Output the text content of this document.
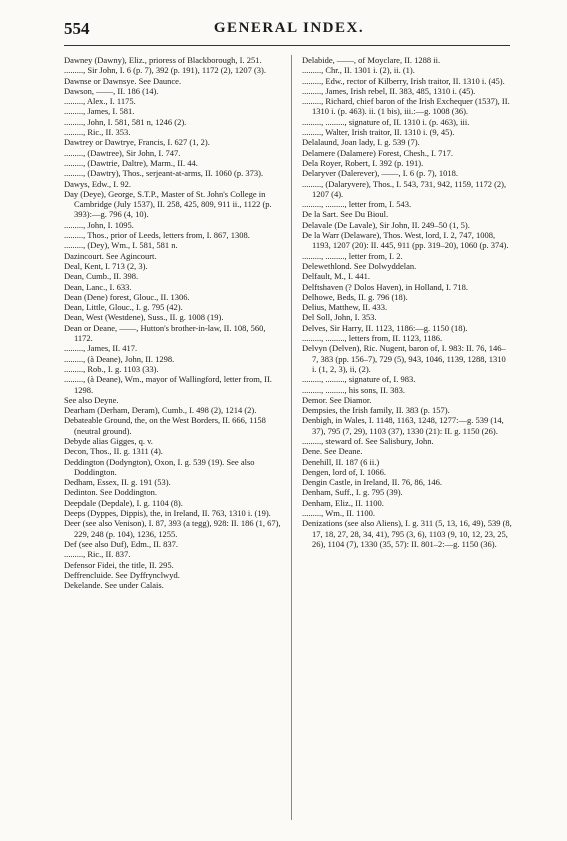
554	GENERAL INDEX.

Dawney (Dawny), Eliz., prioress of Blackborough, I. 251.

........., Sir John, I. 6 (p. 7), 392 (p. 191), 1172 (2), 1207 (3).

Dawnse or Dawnsye. See Daunce.

Dawson, ——, II. 186 (14).

........., Alex., I. 1175.

........., James, I. 581.

........., John, I. 581, 581 n, 1246 (2).

........., Ric., II. 353.

Dawtrey or Dawtrye, Francis, I. 627 (1, 2).

........., (Dawtree), Sir John, I. 747.

........., (Dawtrie, Daltre), Marm., II. 44.

........., (Dawtry), Thos., serjeant-at-arms, II. 1060 (p. 373).

Dawys, Edw., I. 92.

Day (Deye), George, S.T.P., Master of St. John's College in Cambridge (July 1537), II. 258, 425, 809, 911 ii., 1122 (p. 393):—g. 796 (4, 10).

........., John, I. 1095.

........., Thos., prior of Leeds, letters from, I. 867, 1308.

........., (Dey), Wm., I. 581, 581 n.

Dazincourt. See Agincourt.

Deal, Kent, I. 713 (2, 3).

Dean, Cumb., II. 398.

Dean, Lanc., I. 633.

Dean (Dene) forest, Glouc., II. 1306.

Dean, Little, Glouc., I. g. 795 (42).

Dean, West (Westdene), Suss., II. g. 1008 (19).

Dean or Deane, ——, Hutton's brother-in-law, II. 108, 560, 1172.

........., James, II. 417.

........., (à Deane), John, II. 1298.

........., Rob., I. g. 1103 (33).

........., (à Deane), Wm., mayor of Wallingford, letter from, II. 1298.

See also Deyne.

Dearham (Derham, Deram), Cumb., I. 498 (2), 1214 (2).

Debateable Ground, the, on the West Borders, II. 666, 1158 (neutral ground).

Debyde alias Gigges, q. v.

Decon, Thos., II. g. 1311 (4).

Deddington (Dodyngton), Oxon, I. g. 539 (19). See also Doddington.

Dedham, Essex, II. g. 191 (53).

Dedinton. See Doddington.

Deepdale (Depdale), I. g. 1104 (8).

Deeps (Dyppes, Dippis), the, in Ireland, II. 763, 1310 i. (19).

Deer (see also Venison), I. 87, 393 (a tegg), 928: II. 186 (1, 67), 229, 248 (p. 104), 1236, 1255.

Def (see also Duf), Edm., II. 837.

........., Ric., II. 837.

Defensor Fidei, the title, II. 295.

Deffrencluide. See Dyffrynclwyd.

Dekelande. See under Calais.

Delabide, ——, of Moyclare, II. 1288 ii.

........., Chr., II. 1301 i. (2), ii. (1).

........., Edw., rector of Kilberry, Irish traitor, II. 1310 i. (45).

........., James, Irish rebel, II. 383, 485, 1310 i. (45).

........., Richard, chief baron of the Irish Exchequer (1537), II. 1310 i. (p. 463). ii. (1 bis), iii.:—g. 1008 (36).

........., ........., signature of, II. 1310 i. (p. 463), iii.

........., Walter, Irish traitor, II. 1310 i. (9, 45).

Delalaund, Joan lady, I. g. 539 (7).

Delamere (Dalamere) Forest, Chesh., I. 717.

Dela Royer, Robert, I. 392 (p. 191).

Delaryver (Dalerever), ——, I. 6 (p. 7), 1018.

........., (Dalaryvere), Thos., I. 543, 731, 942, 1159, 1172 (2), 1207 (4).

........., ........., letter from, I. 543.

De la Sart. See Du Bioul.

Delavale (De Lavale), Sir John, II. 249–50 (1, 5).

De la Warr (Delaware), Thos. West, lord, I. 2, 747, 1008, 1193, 1207 (20): II. 445, 911 (pp. 319–20), 1060 (p. 374).

........., ........., letter from, I. 2.

Delewethlond. See Dolwyddelan.

Delfault, M., I. 441.

Delftshaven (? Dolos Haven), in Holland, I. 718.

Delhowe, Beds, II. g. 796 (18).

Delius, Matthew, II. 433.

Del Soll, John, I. 353.

Delves, Sir Harry, II. 1123, 1186:—g. 1150 (18).

........., ........., letters from, II. 1123, 1186.

Delvyn (Delven), Ric. Nugent, baron of, I. 983: II. 76, 146–7, 383 (pp. 156–7), 729 (5), 943, 1046, 1139, 1288, 1310 i. (1, 2, 3), ii, (2).

........., ........., signature of, I. 983.

........., ........., his sons, II. 383.

Demor. See Diamor.

Dempsies, the Irish family, II. 383 (p. 157).

Denbigh, in Wales, I. 1148, 1163, 1248, 1277:—g. 539 (14, 37), 795 (7, 29), 1103 (37), 1330 (21): II. g. 1150 (26).

........., steward of. See Salisbury, John.

Dene. See Deane.

Denehill, II. 187 (6 ii.)

Dengen, lord of, I. 1066.

Dengin Castle, in Ireland, II. 76, 86, 146.

Denham, Suff., I. g. 795 (39).

Denham, Eliz., II. 1100.

........., Wm., II. 1100.

Denizations (see also Aliens), I. g. 311 (5, 13, 16, 49), 539 (8, 17, 18, 27, 28, 34, 41), 795 (3, 6), 1103 (9, 10, 12, 23, 25, 26), 1104 (7), 1330 (35, 57): II. 801–2:—g. 1150 (36).
